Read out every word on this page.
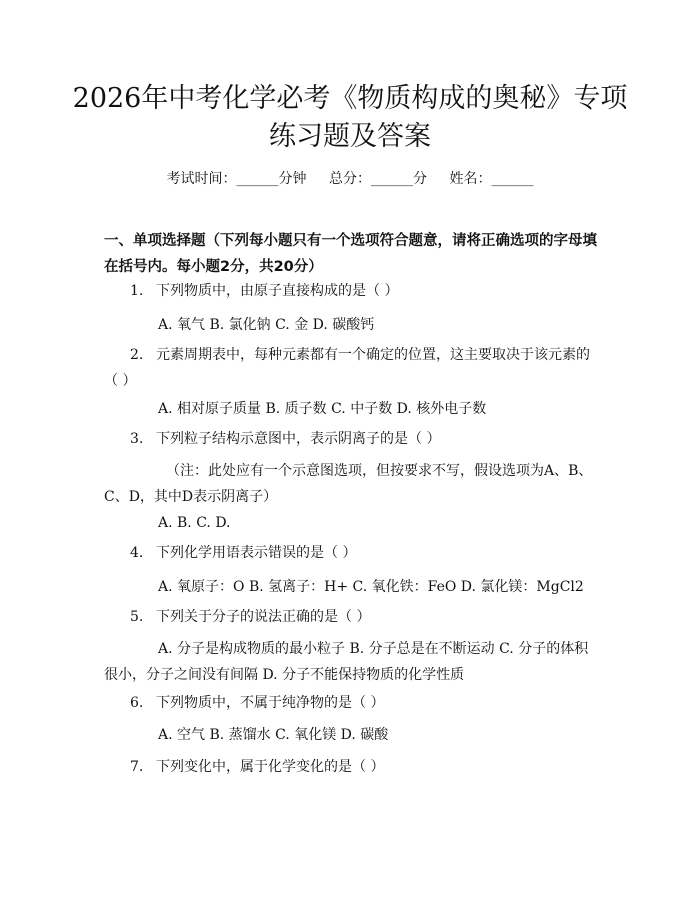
2026年中考化学必考《物质构成的奥秘》专项练习题及答案
考试时间：______分钟 总分：______分 姓名：______
一、单项选择题（下列每小题只有一个选项符合题意，请将正确选项的字母填在括号内。每小题2分，共20分）
1. 下列物质中，由原子直接构成的是（ ）
A. 氧气 B. 氯化钠 C. 金 D. 碳酸钙
2. 元素周期表中，每种元素都有一个确定的位置，这主要取决于该元素的（ ）
A. 相对原子质量 B. 质子数 C. 中子数 D. 核外电子数
3. 下列粒子结构示意图中，表示阴离子的是（ ）
（注：此处应有一个示意图选项，但按要求不写，假设选项为A、B、C、D，其中D表示阴离子）
A. B. C. D.
4. 下列化学用语表示错误的是（ ）
A. 氧原子：O B. 氢离子：H+ C. 氧化铁：FeO D. 氯化镁：MgCl2
5. 下列关于分子的说法正确的是（ ）
A. 分子是构成物质的最小粒子 B. 分子总是在不断运动 C. 分子的体积很小，分子之间没有间隔 D. 分子不能保持物质的化学性质
6. 下列物质中，不属于纯净物的是（ ）
A. 空气 B. 蒸馏水 C. 氧化镁 D. 碳酸
7. 下列变化中，属于化学变化的是（ ）
